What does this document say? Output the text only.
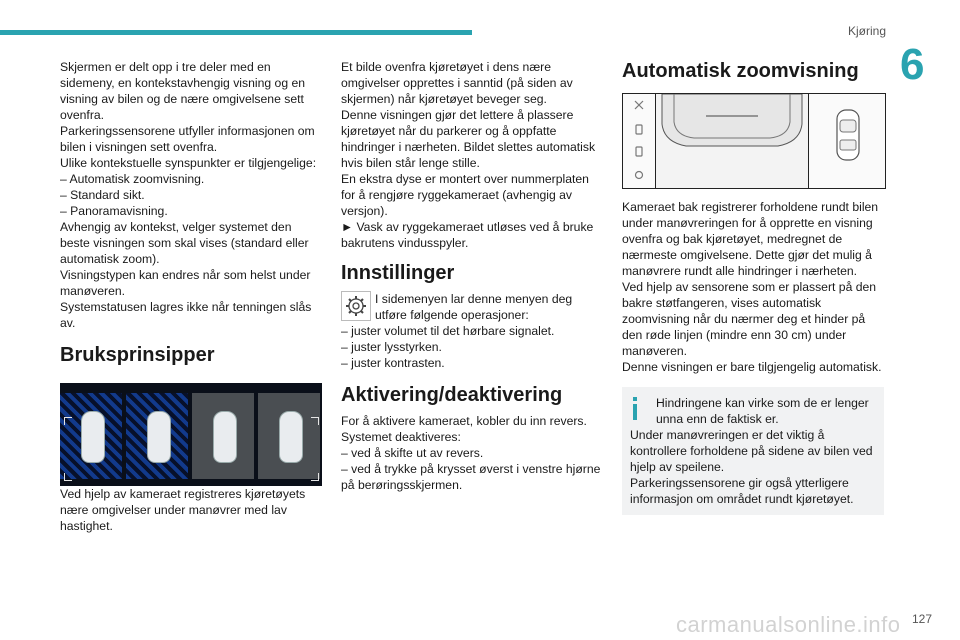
Kjøring
6

Skjermen er delt opp i tre deler med en sidemeny, en kontekstavhengig visning og en visning av bilen og de nære omgivelsene sett ovenfra.

Parkeringssensorene utfyller informasjonen om bilen i visningen sett ovenfra.

Ulike kontekstuelle synspunkter er tilgjengelige:

– Automatisk zoomvisning.

– Standard sikt.

– Panoramavisning.

Avhengig av kontekst, velger systemet den beste visningen som skal vises (standard eller automatisk zoom).

Visningstypen kan endres når som helst under manøveren.

Systemstatusen lagres ikke når tenningen slås av.

Bruksprinsipper

Ved hjelp av kameraet registreres kjøretøyets nære omgivelser under manøvrer med lav hastighet.

Et bilde ovenfra kjøretøyet i dens nære omgivelser opprettes i sanntid (på siden av skjermen) når kjøretøyet beveger seg.

Denne visningen gjør det lettere å plassere kjøretøyet når du parkerer og å oppfatte hindringer i nærheten. Bildet slettes automatisk hvis bilen står lenge stille.

En ekstra dyse er montert over nummerplaten for å rengjøre ryggekameraet (avhengig av versjon).

► Vask av ryggekameraet utløses ved å bruke bakrutens vindusspyler.

Innstillinger

I sidemenyen lar denne menyen deg utføre følgende operasjoner:

– juster volumet til det hørbare signalet.

– juster lysstyrken.

– juster kontrasten.

Aktivering/deaktivering

For å aktivere kameraet, kobler du inn revers.

Systemet deaktiveres:

– ved å skifte ut av revers.

– ved å trykke på krysset øverst i venstre hjørne på berøringsskjermen.

Automatisk zoomvisning

Kameraet bak registrerer forholdene rundt bilen under manøvreringen for å opprette en visning ovenfra og bak kjøretøyet, medregnet de nærmeste omgivelsene. Dette gjør det mulig å manøvrere rundt alle hindringer i nærheten.

Ved hjelp av sensorene som er plassert på den bakre støtfangeren, vises automatisk zoomvisning når du nærmer deg et hinder på den røde linjen (mindre enn 30 cm) under manøveren.

Denne visningen er bare tilgjengelig automatisk.

Hindringene kan virke som de er lenger unna enn de faktisk er.

Under manøvreringen er det viktig å kontrollere forholdene på sidene av bilen ved hjelp av speilene.

Parkeringssensorene gir også ytterligere informasjon om området rundt kjøretøyet.

carmanualsonline.info 127
